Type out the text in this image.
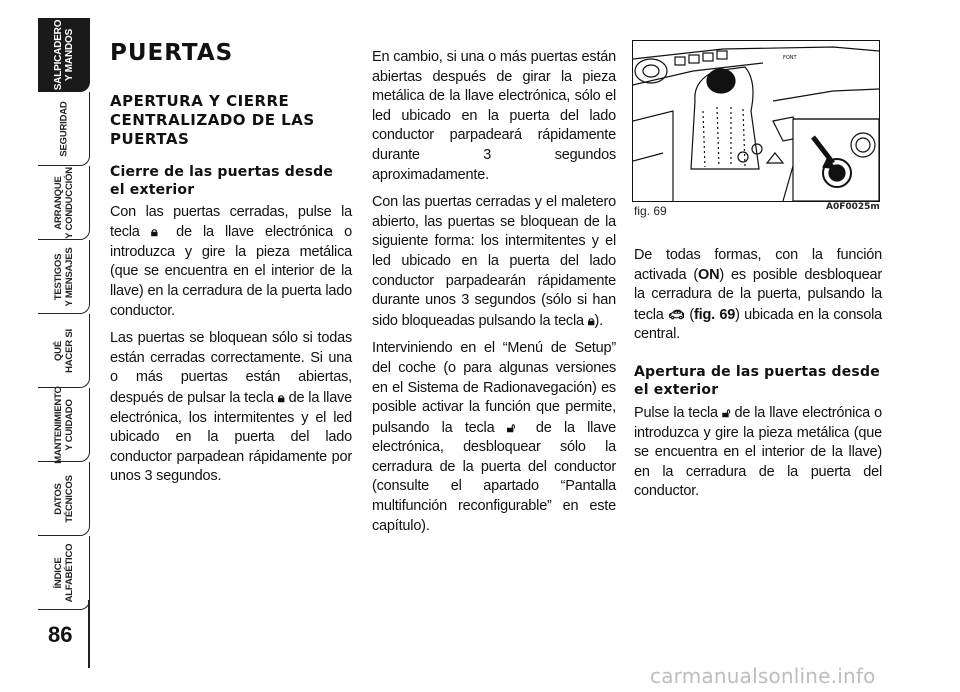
SALPICADERO Y MANDOS
SEGURIDAD
ARRANQUE Y CONDUCCIÓN
TESTIGOS Y MENSAJES
QUÉ HACER SI
MANTENIMIENTO Y CUIDADO
DATOS TÉCNICOS
ÍNDICE ALFABÉTICO
86
PUERTAS
APERTURA Y CIERRE CENTRALIZADO DE LAS PUERTAS
Cierre de las puertas desde el exterior

Con las puertas cerradas, pulse la tecla 🔒︎ de la llave electrónica o introduzca y gire la pieza metálica (que se encuentra en el interior de la llave) en la cerradura de la puerta lado conductor.

Las puertas se bloquean sólo si todas están cerradas correctamente. Si una o más puertas están abiertas, después de pulsar la tecla 🔒︎ de la llave electrónica, los intermitentes y el led ubicado en la puerta del lado conductor parpadean rápidamente por unos 3 segundos.

En cambio, si una o más puertas están abiertas después de girar la pieza metálica de la llave electrónica, sólo el led ubicado en la puerta del lado conductor parpadeará rápidamente durante 3 segundos aproximadamente.

Con las puertas cerradas y el maletero abierto, las puertas se bloquean de la siguiente forma: los intermitentes y el led ubicado en la puerta del lado conductor parpadearán rápidamente durante unos 3 segundos (sólo si han sido bloqueadas pulsando la tecla 🔒︎).

Interviniendo en el “Menú de Setup” del coche (o para algunas versiones en el Sistema de Radionavegación) es posible activar la función que permite, pulsando la tecla 🔓︎ de la llave electrónica, desbloquear sólo la cerradura de la puerta del conductor (consulte el apartado “Pantalla multifunción reconfigurable” en este capítulo).

FONT
fig. 69	A0F0025m

De todas formas, con la función activada (ON) es posible desbloquear la cerradura de la puerta, pulsando la tecla 🚗︎ (fig. 69) ubicada en la consola central.

Apertura de las puertas desde el exterior

Pulse la tecla 🔓︎ de la llave electrónica o introduzca y gire la pieza metálica (que se encuentra en el interior de la llave) en la cerradura de la puerta del conductor.

carmanualsonline.info
